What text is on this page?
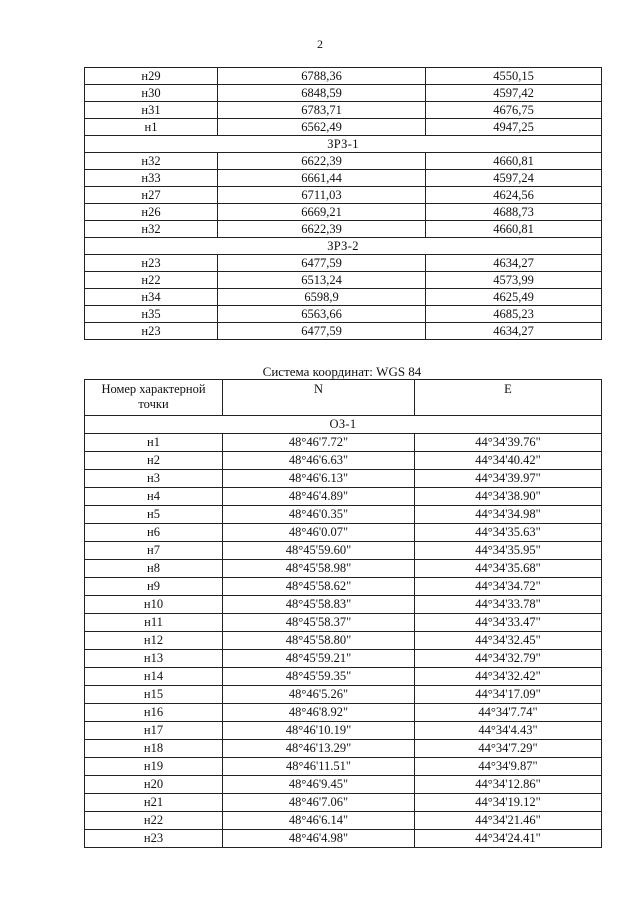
2
н29	6788,36	4550,15
н30	6848,59	4597,42
н31	6783,71	4676,75
н1	6562,49	4947,25
ЗРЗ-1		
н32	6622,39	4660,81
н33	6661,44	4597,24
н27	6711,03	4624,56
н26	6669,21	4688,73
н32	6622,39	4660,81
ЗРЗ-2		
н23	6477,59	4634,27
н22	6513,24	4573,99
н34	6598,9	4625,49
н35	6563,66	4685,23
н23	6477,59	4634,27
Система координат: WGS 84
Номер характерной точки	N	E
ОЗ-1		
н1	48°46'7.72"	44°34'39.76"
н2	48°46'6.63"	44°34'40.42"
н3	48°46'6.13"	44°34'39.97"
н4	48°46'4.89"	44°34'38.90"
н5	48°46'0.35"	44°34'34.98"
н6	48°46'0.07"	44°34'35.63"
н7	48°45'59.60"	44°34'35.95"
н8	48°45'58.98"	44°34'35.68"
н9	48°45'58.62"	44°34'34.72"
н10	48°45'58.83"	44°34'33.78"
н11	48°45'58.37"	44°34'33.47"
н12	48°45'58.80"	44°34'32.45"
н13	48°45'59.21"	44°34'32.79"
н14	48°45'59.35"	44°34'32.42"
н15	48°46'5.26"	44°34'17.09"
н16	48°46'8.92"	44°34'7.74"
н17	48°46'10.19"	44°34'4.43"
н18	48°46'13.29"	44°34'7.29"
н19	48°46'11.51"	44°34'9.87"
н20	48°46'9.45"	44°34'12.86"
н21	48°46'7.06"	44°34'19.12"
н22	48°46'6.14"	44°34'21.46"
н23	48°46'4.98"	44°34'24.41"
